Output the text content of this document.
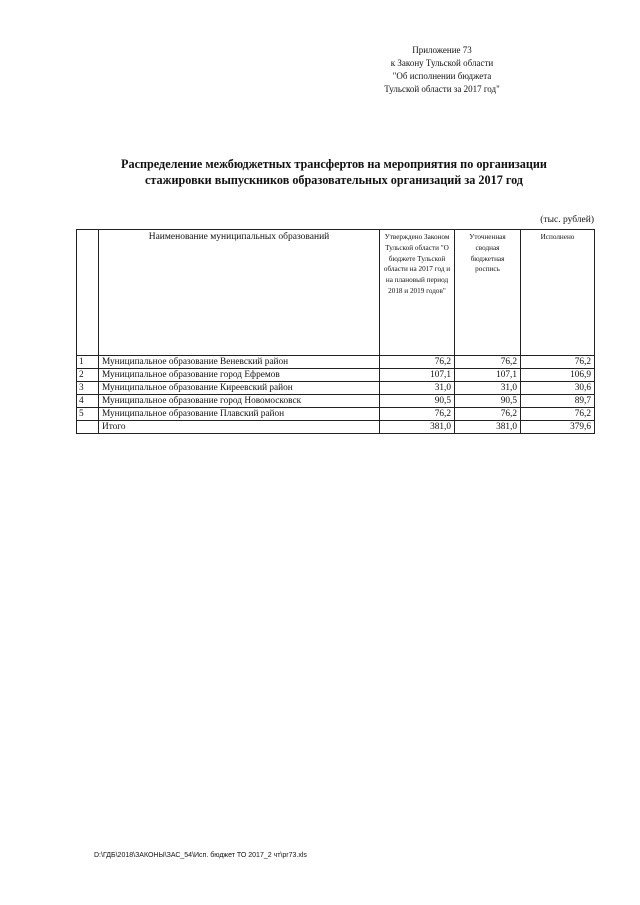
Приложение 73
к Закону Тульской области
"Об исполнении бюджета
Тульской области за 2017 год"
Распределение межбюджетных трансфертов на мероприятия по организации
стажировки выпускников образовательных организаций за 2017 год
(тыс. рублей)
	Наименование муниципальных образований	Утверждено Законом Тульской области "О бюджете Тульской области на 2017 год и на плановый период 2018 и 2019 годов"	Уточненная сводная бюджетная роспись	Исполнено
1	Муниципальное образование Веневский район	76,2	76,2	76,2
2	Муниципальное образование город Ефремов	107,1	107,1	106,9
3	Муниципальное образование Киреевский район	31,0	31,0	30,6
4	Муниципальное образование город Новомосковск	90,5	90,5	89,7
5	Муниципальное образование Плавский район	76,2	76,2	76,2
	Итого	381,0	381,0	379,6
D:\ГДБ\2018\ЗАКОНЫ\ЗАС_54\Исп. бюджет ТО 2017_2 чт\pr73.xls
